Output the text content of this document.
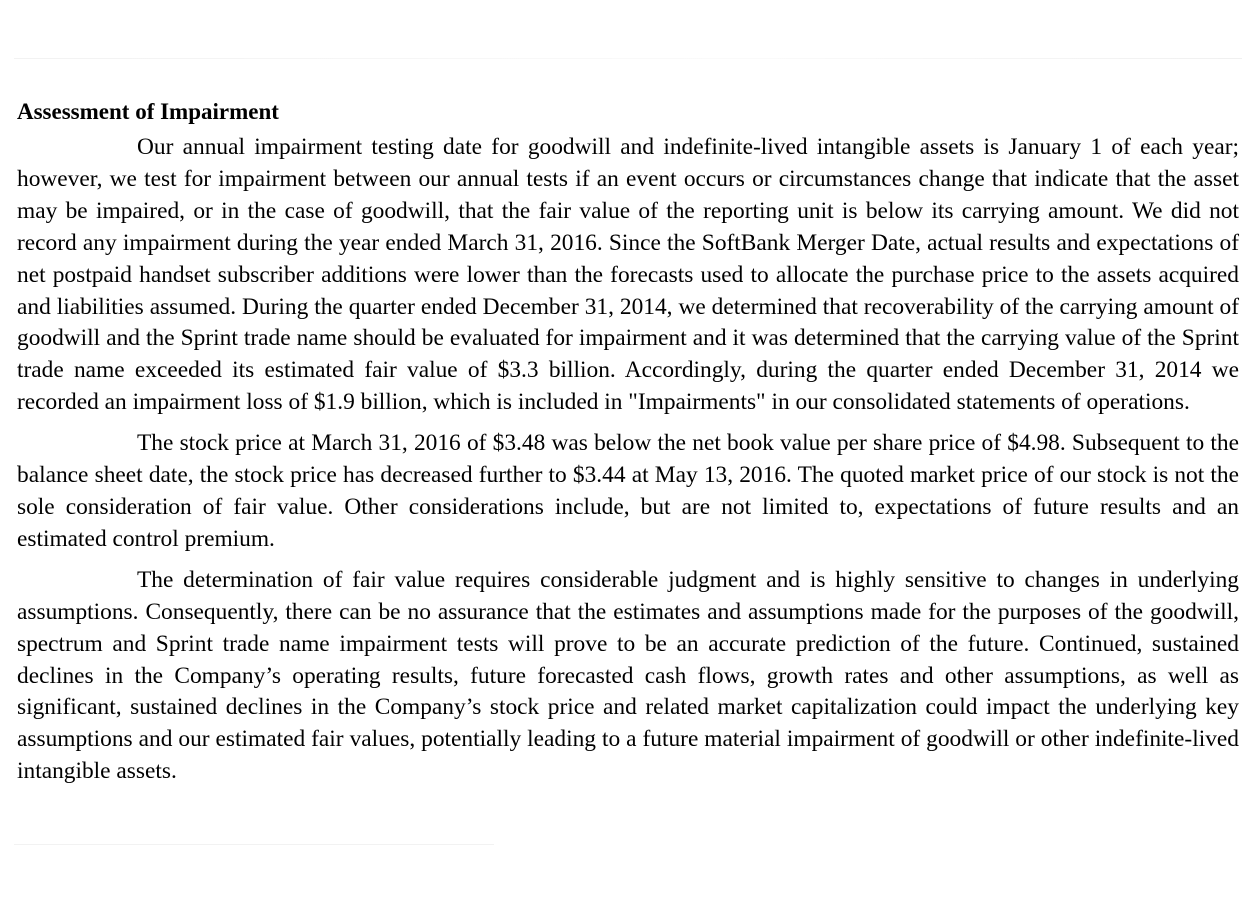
Assessment of Impairment

Our annual impairment testing date for goodwill and indefinite-lived intangible assets is January 1 of each year; however, we test for impairment between our annual tests if an event occurs or circumstances change that indicate that the asset may be impaired, or in the case of goodwill, that the fair value of the reporting unit is below its carrying amount. We did not record any impairment during the year ended March 31, 2016. Since the SoftBank Merger Date, actual results and expectations of net postpaid handset subscriber additions were lower than the forecasts used to allocate the purchase price to the assets acquired and liabilities assumed. During the quarter ended December 31, 2014, we determined that recoverability of the carrying amount of goodwill and the Sprint trade name should be evaluated for impairment and it was determined that the carrying value of the Sprint trade name exceeded its estimated fair value of $3.3 billion. Accordingly, during the quarter ended December 31, 2014 we recorded an impairment loss of $1.9 billion, which is included in "Impairments" in our consolidated statements of operations.

The stock price at March 31, 2016 of $3.48 was below the net book value per share price of $4.98. Subsequent to the balance sheet date, the stock price has decreased further to $3.44 at May 13, 2016. The quoted market price of our stock is not the sole consideration of fair value. Other considerations include, but are not limited to, expectations of future results and an estimated control premium.

The determination of fair value requires considerable judgment and is highly sensitive to changes in underlying assumptions. Consequently, there can be no assurance that the estimates and assumptions made for the purposes of the goodwill, spectrum and Sprint trade name impairment tests will prove to be an accurate prediction of the future. Continued, sustained declines in the Company’s operating results, future forecasted cash flows, growth rates and other assumptions, as well as significant, sustained declines in the Company’s stock price and related market capitalization could impact the underlying key assumptions and our estimated fair values, potentially leading to a future material impairment of goodwill or other indefinite-lived intangible assets.
